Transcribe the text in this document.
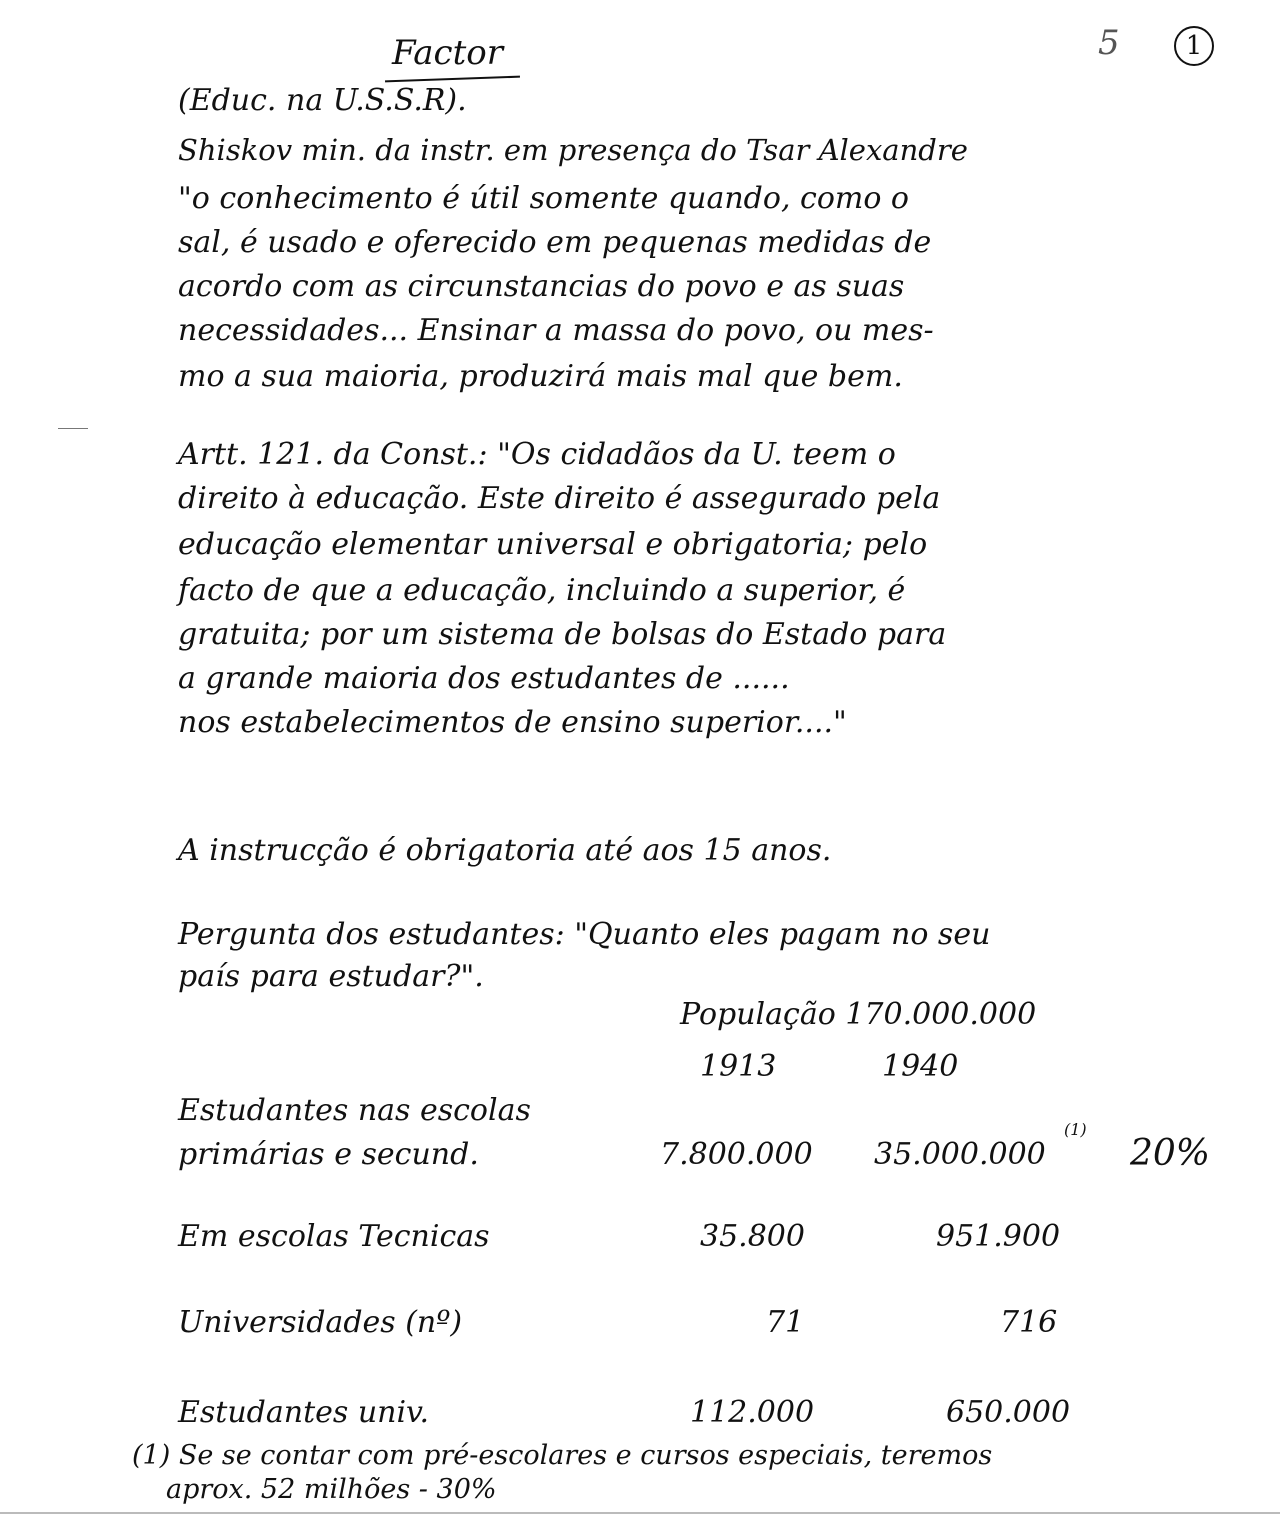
Factor	5	1
(Educ. na U.S.S.R).
Shiskov min. da instr. em presença do Tsar Alexandre
"o conhecimento é útil somente quando, como o
sal, é usado e oferecido em pequenas medidas de
acordo com as circunstancias do povo e as suas
necessidades... Ensinar a massa do povo, ou mes-
mo a sua maioria, produzirá mais mal que bem.
Artt. 121. da Const.: "Os cidadãos da U. teem o
direito à educação. Este direito é assegurado pela
educação elementar universal e obrigatoria; pelo
facto de que a educação, incluindo a superior, é
gratuita; por um sistema de bolsas do Estado para
a grande maioria dos estudantes de ......
nos estabelecimentos de ensino superior...."
A instrucção é obrigatoria até aos 15 anos.
Pergunta dos estudantes: "Quanto eles pagam no seu
país para estudar?".
População 170.000.000
1913	1940
Estudantes nas escolas
primárias e secund.	7.800.000 35.000.000
(1)
20%
Em escolas Tecnicas	35.800	951.900
Universidades (nº)	71	716
Estudantes univ.	112.000	650.000
(1) Se se contar com pré-escolares e cursos especiais, teremos
aprox. 52 milhões - 30%
